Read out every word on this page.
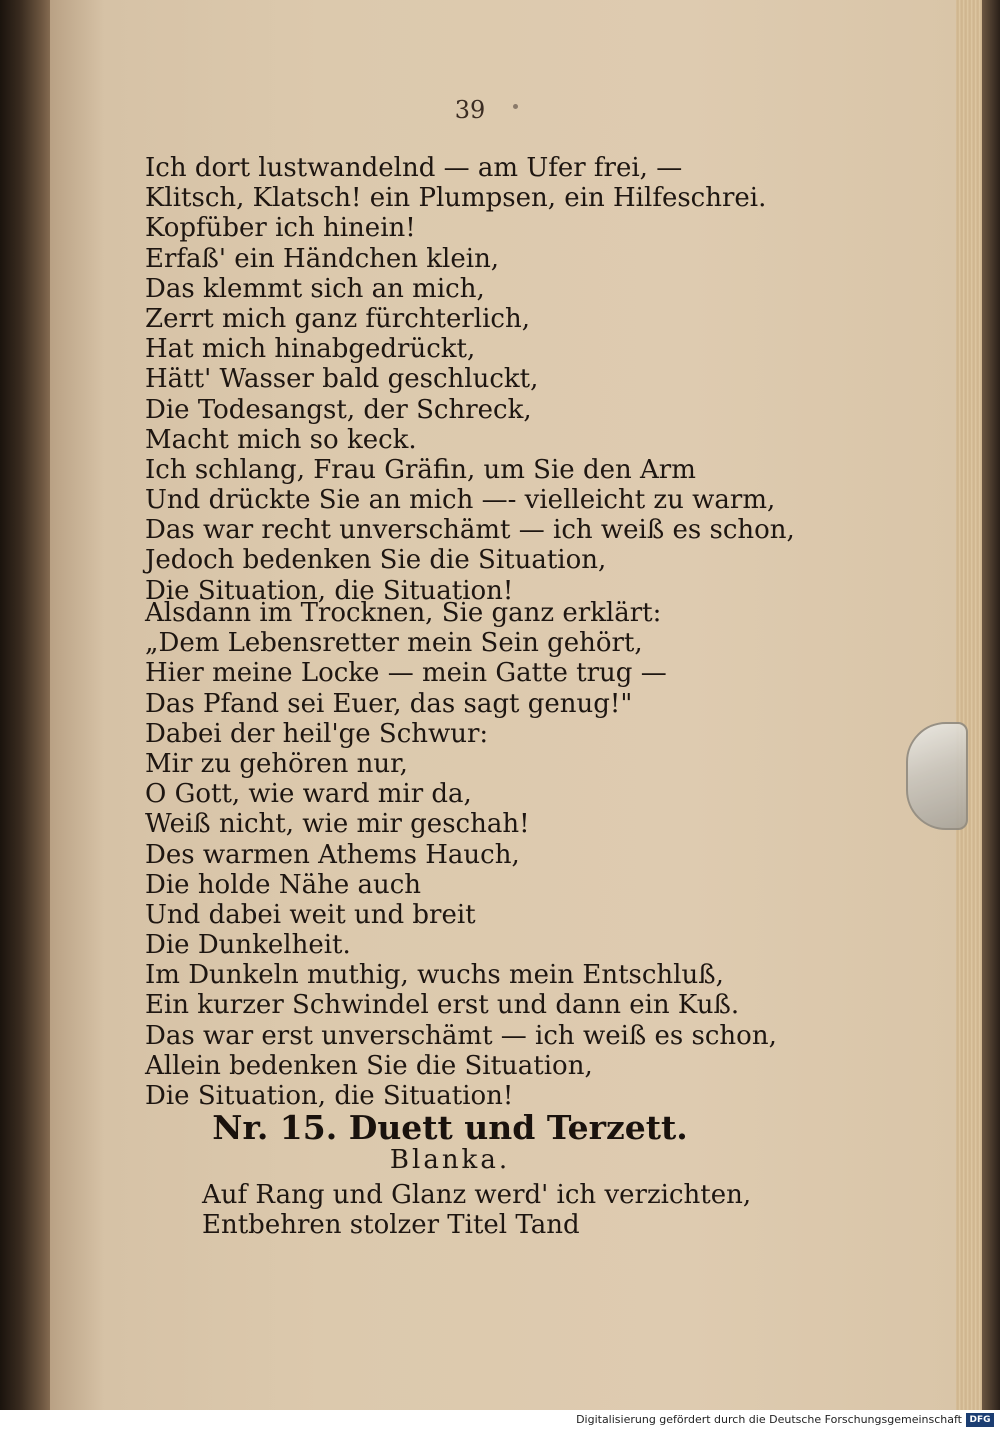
39
Ich dort lustwandelnd — am Ufer frei, —
Klitsch, Klatsch! ein Plumpsen, ein Hilfeschrei.
Kopfüber ich hinein!
Erfaß' ein Händchen klein,
Das klemmt sich an mich,
Zerrt mich ganz fürchterlich,
Hat mich hinabgedrückt,
Hätt' Wasser bald geschluckt,
Die Todesangst, der Schreck,
Macht mich so keck.
Ich schlang, Frau Gräfin, um Sie den Arm
Und drückte Sie an mich —- vielleicht zu warm,
Das war recht unverschämt — ich weiß es schon,
Jedoch bedenken Sie die Situation,
Die Situation, die Situation!
Alsdann im Trocknen, Sie ganz erklärt:
„Dem Lebensretter mein Sein gehört,
Hier meine Locke — mein Gatte trug —
Das Pfand sei Euer, das sagt genug!"
Dabei der heil'ge Schwur:
Mir zu gehören nur,
O Gott, wie ward mir da,
Weiß nicht, wie mir geschah!
Des warmen Athems Hauch,
Die holde Nähe auch
Und dabei weit und breit
Die Dunkelheit.
Im Dunkeln muthig, wuchs mein Entschluß,
Ein kurzer Schwindel erst und dann ein Kuß.
Das war erst unverschämt — ich weiß es schon,
Allein bedenken Sie die Situation,
Die Situation, die Situation!
Nr. 15. Duett und Terzett.
Blanka.
Auf Rang und Glanz werd' ich verzichten,
Entbehren stolzer Titel Tand
Digitalisierung gefördert durch die Deutsche Forschungsgemeinschaft DFG
